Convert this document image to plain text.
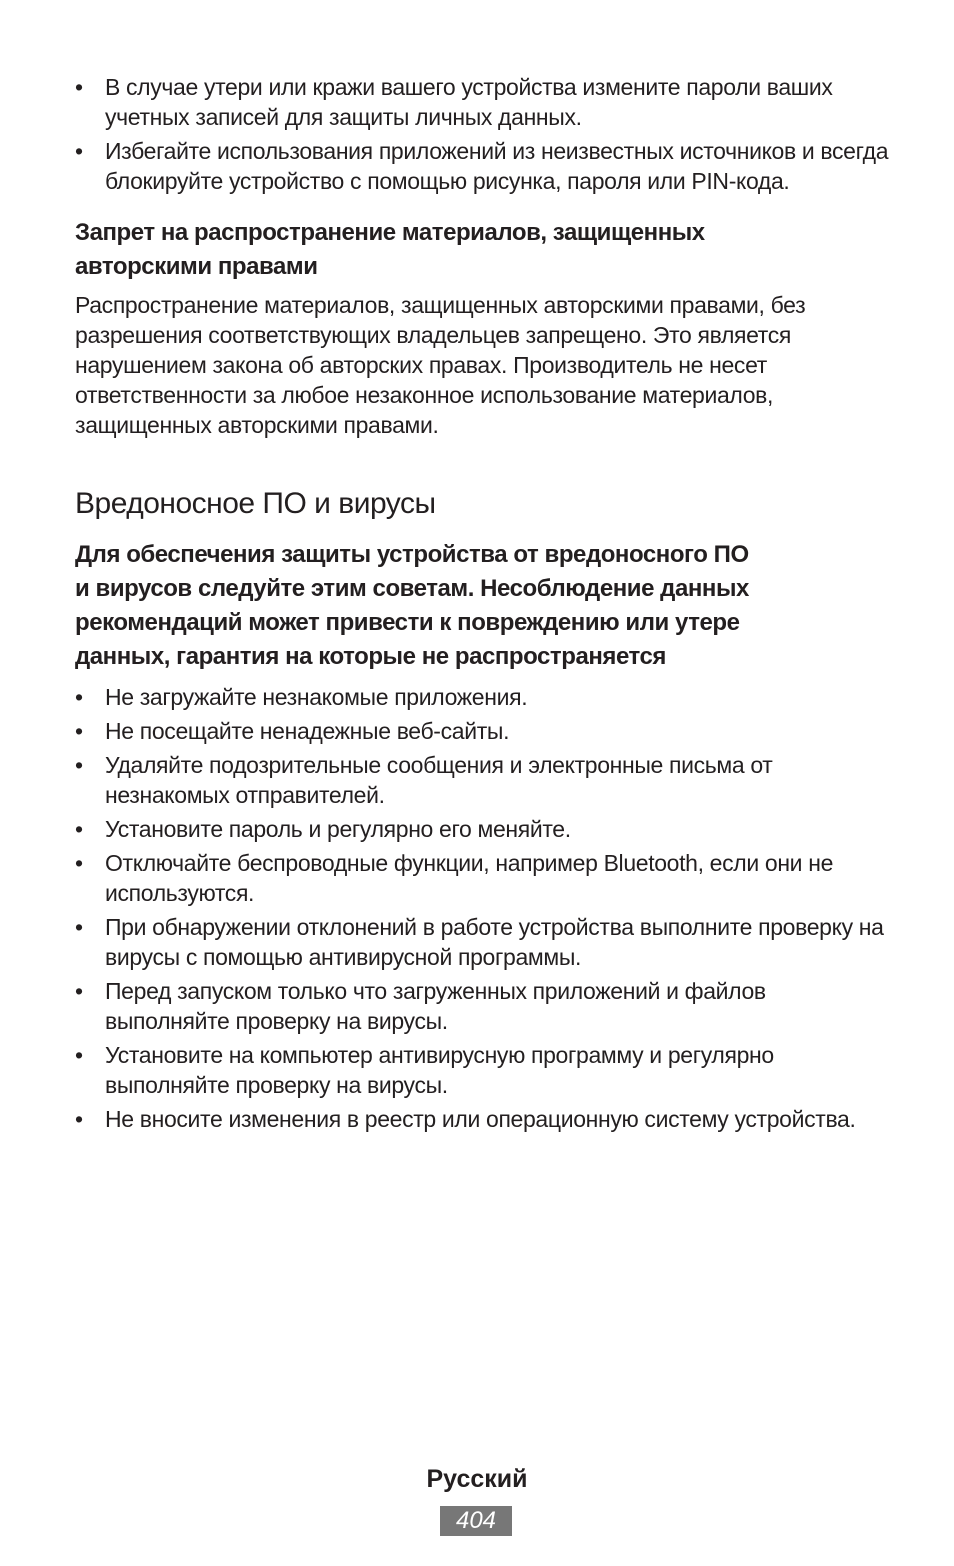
• В случае утери или кражи вашего устройства измените пароли ваших учетных записей для защиты личных данных.
• Избегайте использования приложений из неизвестных источников и всегда блокируйте устройство с помощью рисунка, пароля или PIN-кода.
Запрет на распространение материалов, защищенных
авторскими правами

Распространение материалов, защищенных авторскими правами, без разрешения соответствующих владельцев запрещено. Это является нарушением закона об авторских правах. Производитель не несет ответственности за любое незаконное использование материалов, защищенных авторскими правами.

Вредоносное ПО и вирусы
Для обеспечения защиты устройства от вредоносного ПО
и вирусов следуйте этим советам. Несоблюдение данных
рекомендаций может привести к повреждению или утере
данных, гарантия на которые не распространяется
• Не загружайте незнакомые приложения.
• Не посещайте ненадежные веб-сайты.
• Удаляйте подозрительные сообщения и электронные письма от незнакомых отправителей.
• Установите пароль и регулярно его меняйте.
• Отключайте беспроводные функции, например Bluetooth, если они не используются.
• При обнаружении отклонений в работе устройства выполните проверку на вирусы с помощью антивирусной программы.
• Перед запуском только что загруженных приложений и файлов выполняйте проверку на вирусы.
• Установите на компьютер антивирусную программу и регулярно выполняйте проверку на вирусы.
• Не вносите изменения в реестр или операционную систему устройства.
Русский
404
